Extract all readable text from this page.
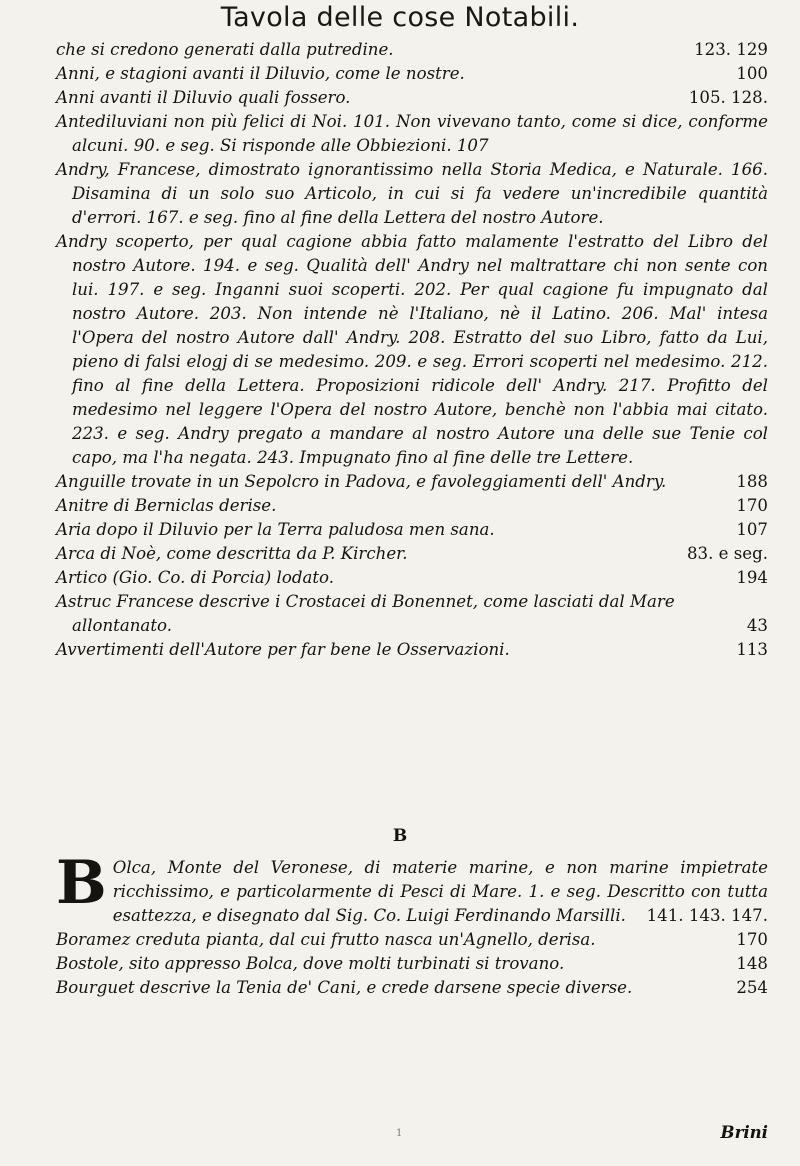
Tavola delle cose Notabili.
che si credono generati dalla putredine.	123. 129
Anni, e stagioni avanti il Diluvio, come le nostre.	100
Anni avanti il Diluvio quali fossero.	105. 128.
Antediluviani non più felici di Noi. 101. Non vivevano tanto, come si dice, conforme alcuni. 90. e seg. Si risponde alle Obbiezioni. 107
Andry, Francese, dimostrato ignorantissimo nella Storia Medica, e Naturale. 166. Disamina di un solo suo Articolo, in cui si fa vedere un'incredibile quantità d'errori. 167. e seg. fino al fine della Lettera del nostro Autore.
Andry scoperto, per qual cagione abbia fatto malamente l'estratto del Libro del nostro Autore. 194. e seg. Qualità dell' Andry nel maltrattare chi non sente con lui. 197. e seg. Inganni suoi scoperti. 202. Per qual cagione fu impugnato dal nostro Autore. 203. Non intende nè l'Italiano, nè il Latino. 206. Mal' intesa l'Opera del nostro Autore dall' Andry. 208. Estratto del suo Libro, fatto da Lui, pieno di falsi elogj di se medesimo. 209. e seg. Errori scoperti nel medesimo. 212. fino al fine della Lettera. Proposizioni ridicole dell' Andry. 217. Profitto del medesimo nel leggere l'Opera del nostro Autore, benchè non l'abbia mai citato. 223. e seg. Andry pregato a mandare al nostro Autore una delle sue Tenie col capo, ma l'ha negata. 243. Impugnato fino al fine delle tre Lettere.
Anguille trovate in un Sepolcro in Padova, e favoleggiamenti dell' Andry.	188
Anitre di Berniclas derise.	170
Aria dopo il Diluvio per la Terra paludosa men sana.	107
Arca di Noè, come descritta da P. Kircher.	83. e seg.
Artico (Gio. Co. di Porcia) lodato.	194
Astruc Francese descrive i Crostacei di Bonennet, come lasciati dal Mare allontanato.	43
Avvertimenti dell'Autore per far bene le Osservazioni.	113
B
B Olca, Monte del Veronese, di materie marine, e non marine impietrate ricchissimo, e particolarmente di Pesci di Mare. 1. e seg. Descritto con tutta esattezza, e disegnato dal Sig. Co. Luigi Ferdinando Marsilli. 141. 143. 147.
Boramez creduta pianta, dal cui frutto nasca un'Agnello, derisa.	170
Bostole, sito appresso Bolca, dove molti turbinati si trovano.	148
Bourguet descrive la Tenia de' Cani, e crede darsene specie diverse.	254
Brini
1
